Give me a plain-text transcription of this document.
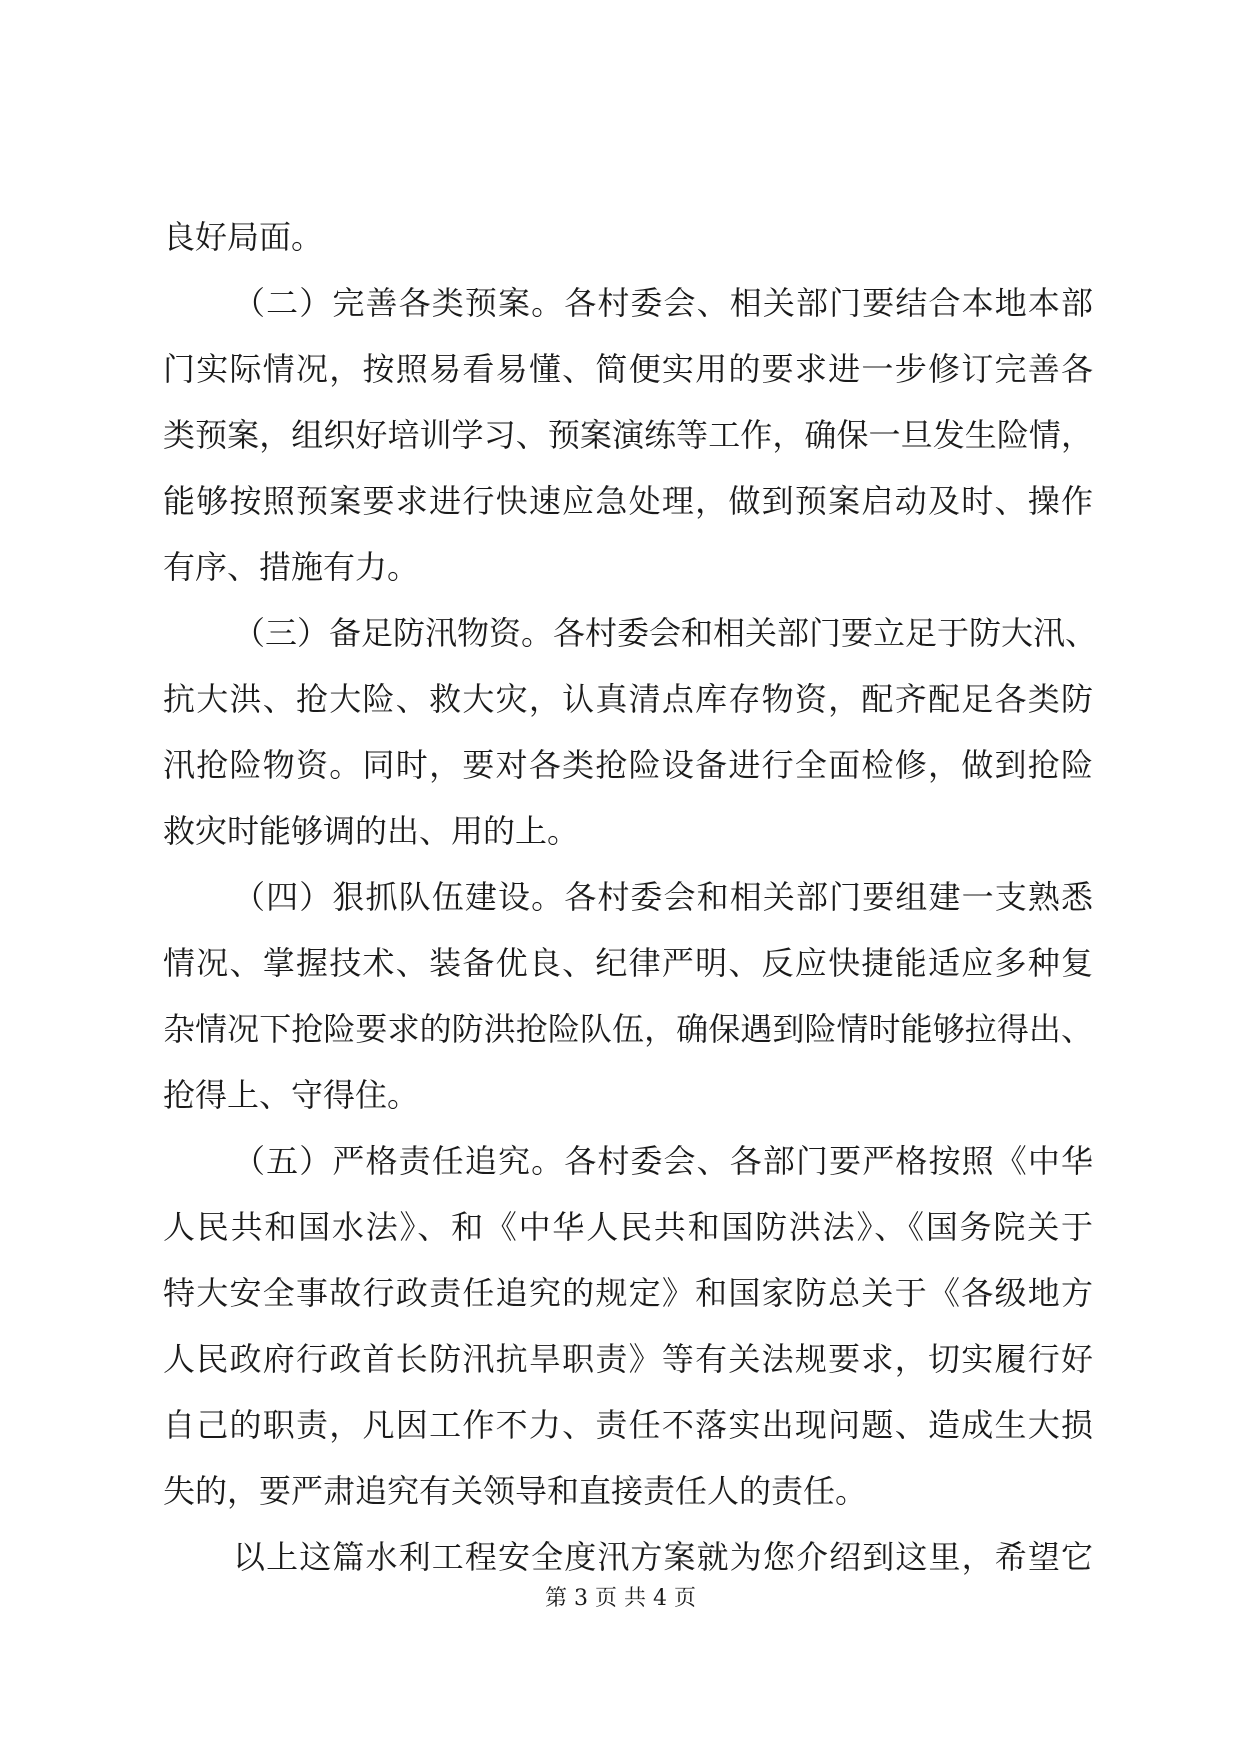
良好局面。
（二）完善各类预案。各村委会、相关部门要结合本地本部
门实际情况，按照易看易懂、简便实用的要求进一步修订完善各
类预案，组织好培训学习、预案演练等工作，确保一旦发生险情，
能够按照预案要求进行快速应急处理，做到预案启动及时、操作
有序、措施有力。
（三）备足防汛物资。各村委会和相关部门要立足于防大汛、
抗大洪、抢大险、救大灾，认真清点库存物资，配齐配足各类防
汛抢险物资。同时，要对各类抢险设备进行全面检修，做到抢险
救灾时能够调的出、用的上。
（四）狠抓队伍建设。各村委会和相关部门要组建一支熟悉
情况、掌握技术、装备优良、纪律严明、反应快捷能适应多种复
杂情况下抢险要求的防洪抢险队伍，确保遇到险情时能够拉得出、
抢得上、守得住。
（五）严格责任追究。各村委会、各部门要严格按照《中华
人民共和国水法》、和《中华人民共和国防洪法》、《国务院关于
特大安全事故行政责任追究的规定》和国家防总关于《各级地方
人民政府行政首长防汛抗旱职责》等有关法规要求，切实履行好
自己的职责，凡因工作不力、责任不落实出现问题、造成生大损
失的，要严肃追究有关领导和直接责任人的责任。
以上这篇水利工程安全度汛方案就为您介绍到这里，希望它
第 3 页 共 4 页
